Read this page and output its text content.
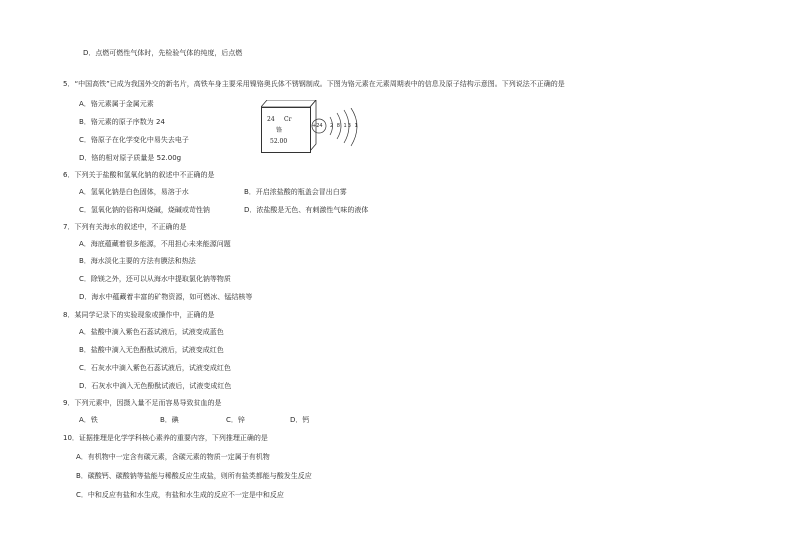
D．点燃可燃性气体时，先检验气体的纯度，后点燃
5．“中国高铁”已成为我国外交的新名片，高铁车身主要采用镍铬奥氏体不锈钢制成。下图为铬元素在元素周期表中的信息及原子结构示意图。下列说法不正确的是
A．铬元素属于金属元素
B．铬元素的原子序数为 24
C．铬原子在化学变化中易失去电子
D．铬的相对原子质量是 52.00g
24 Cr
铬
52.00
+24 2 8 13 1
6．下列关于盐酸和氢氧化钠的叙述中不正确的是
A．氢氧化钠是白色固体，易溶于水	B．开启浓盐酸的瓶盖会冒出白雾
C．氢氧化钠的俗称叫烧碱，烧碱或苛性钠	D．浓盐酸是无色、有刺激性气味的液体
7．下列有关海水的叙述中，不正确的是
A．海底蕴藏着很多能源，不用担心未来能源问题
B．海水淡化主要的方法有膜法和热法
C．除镁之外，还可以从海水中提取氯化钠等物质
D．海水中蕴藏着丰富的矿物资源，如可燃冰、锰结核等
8．某同学记录下的实验现象或操作中，正确的是
A．盐酸中滴入紫色石蕊试液后，试液变成蓝色
B．盐酸中滴入无色酚酞试液后，试液变成红色
C．石灰水中滴入紫色石蕊试液后，试液变成红色
D．石灰水中滴入无色酚酞试液后，试液变成红色
9．下列元素中，因摄入量不足而容易导致贫血的是
A．铁	B．碘	C．锌	D．钙
10．证据推理是化学学科核心素养的重要内容，下列推理正确的是
A．有机物中一定含有碳元素，含碳元素的物质一定属于有机物
B．碳酸钙、碳酸钠等盐能与稀酸反应生成盐，则所有盐类都能与酸发生反应
C．中和反应有盐和水生成，有盐和水生成的反应不一定是中和反应
